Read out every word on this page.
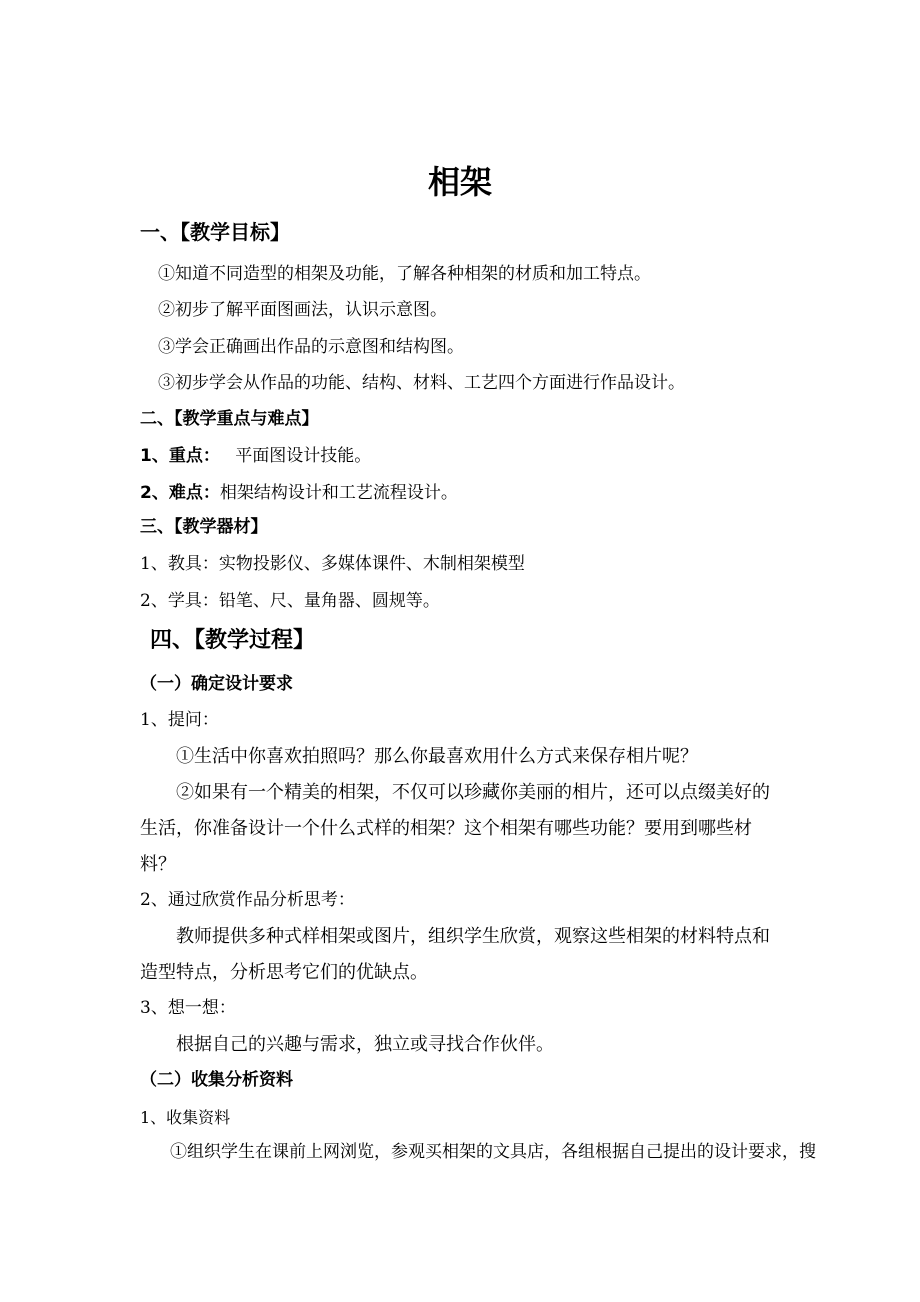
相架
一、【教学目标】
①知道不同造型的相架及功能，了解各种相架的材质和加工特点。
②初步了解平面图画法，认识示意图。
③学会正确画出作品的示意图和结构图。
③初步学会从作品的功能、结构、材料、工艺四个方面进行作品设计。
二、【教学重点与难点】
1、重点： 平面图设计技能。
2、难点：相架结构设计和工艺流程设计。
三、【教学器材】
1、教具：实物投影仪、多媒体课件、木制相架模型
2、学具：铅笔、尺、量角器、圆规等。
四、【教学过程】
（一）确定设计要求
1、提问：
①生活中你喜欢拍照吗？那么你最喜欢用什么方式来保存相片呢？
②如果有一个精美的相架，不仅可以珍藏你美丽的相片，还可以点缀美好的
生活，你准备设计一个什么式样的相架？这个相架有哪些功能？要用到哪些材
料？
2、通过欣赏作品分析思考：
教师提供多种式样相架或图片，组织学生欣赏，观察这些相架的材料特点和
造型特点，分析思考它们的优缺点。
3、想一想：
根据自己的兴趣与需求，独立或寻找合作伙伴。
（二）收集分析资料
1、收集资料
①组织学生在课前上网浏览，参观买相架的文具店，各组根据自己提出的设计要求，搜
